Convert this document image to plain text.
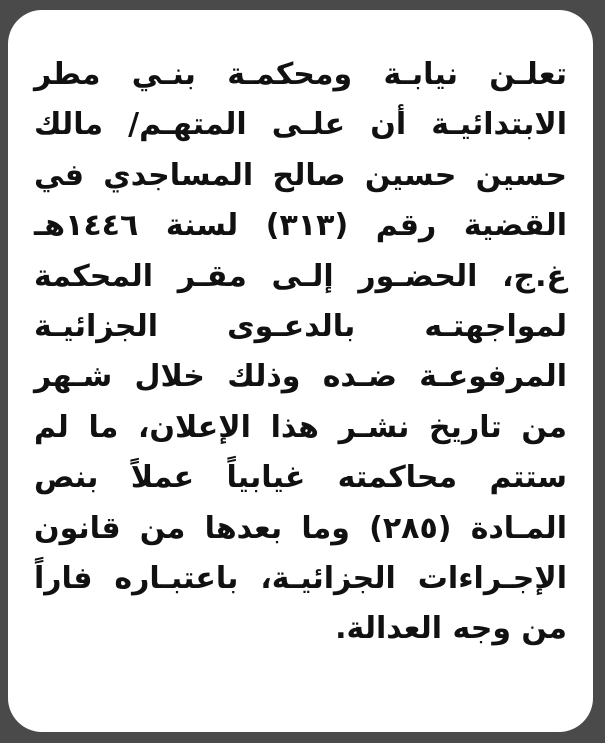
تعلـن نيابـة ومحكمـة بنـي مطر
الابتدائيـة أن علـى المتهـم/ مالك
حسين حسين صالح المساجدي في
القضية رقم (٣١٣) لسنة ١٤٤٦هـ
غ.ج، الحضـور إلـى مقـر المحكمة
لمواجهتـه بالدعـوى الجزائيـة
المرفوعـة ضـده وذلك خلال شـهر
من تاريخ نشـر هذا الإعلان، ما لم
ستتم محاكمته غيابياً عملاً بنص
المـادة (٢٨٥) وما بعدها من قانون
الإجـراءات الجزائيـة، باعتبـاره فاراً
من وجه العدالة.
